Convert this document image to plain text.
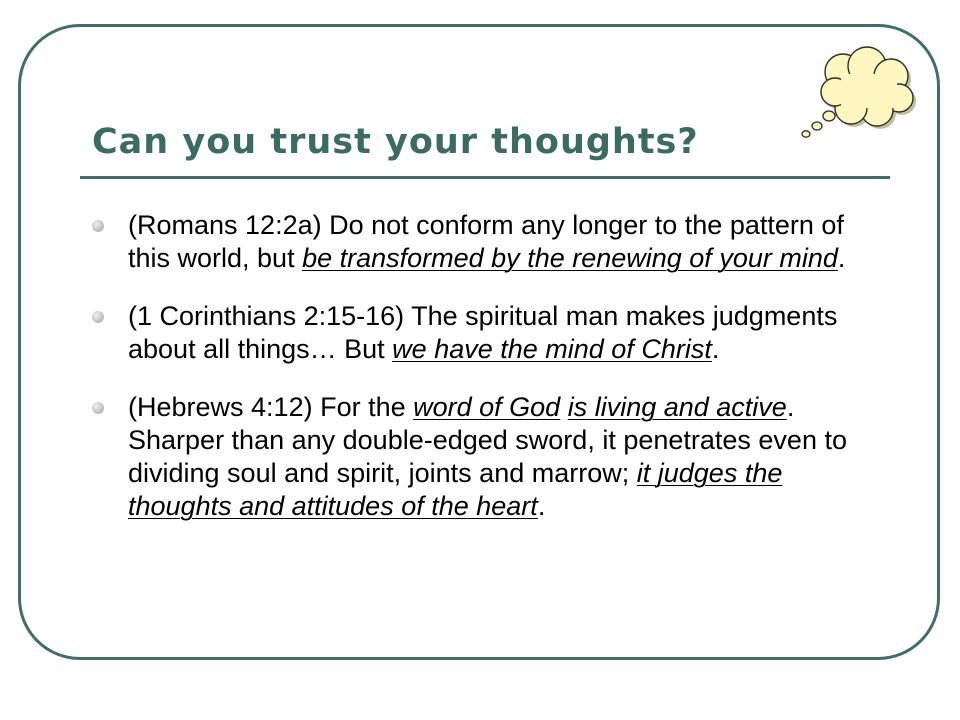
Can you trust your thoughts?
(Romans 12:2a) Do not conform any longer to the pattern of this world, but be transformed by the renewing of your mind.
(1 Corinthians 2:15-16) The spiritual man makes judgments about all things… But we have the mind of Christ.
(Hebrews 4:12) For the word of God is living and active. Sharper than any double-edged sword, it penetrates even to dividing soul and spirit, joints and marrow; it judges the thoughts and attitudes of the heart.
